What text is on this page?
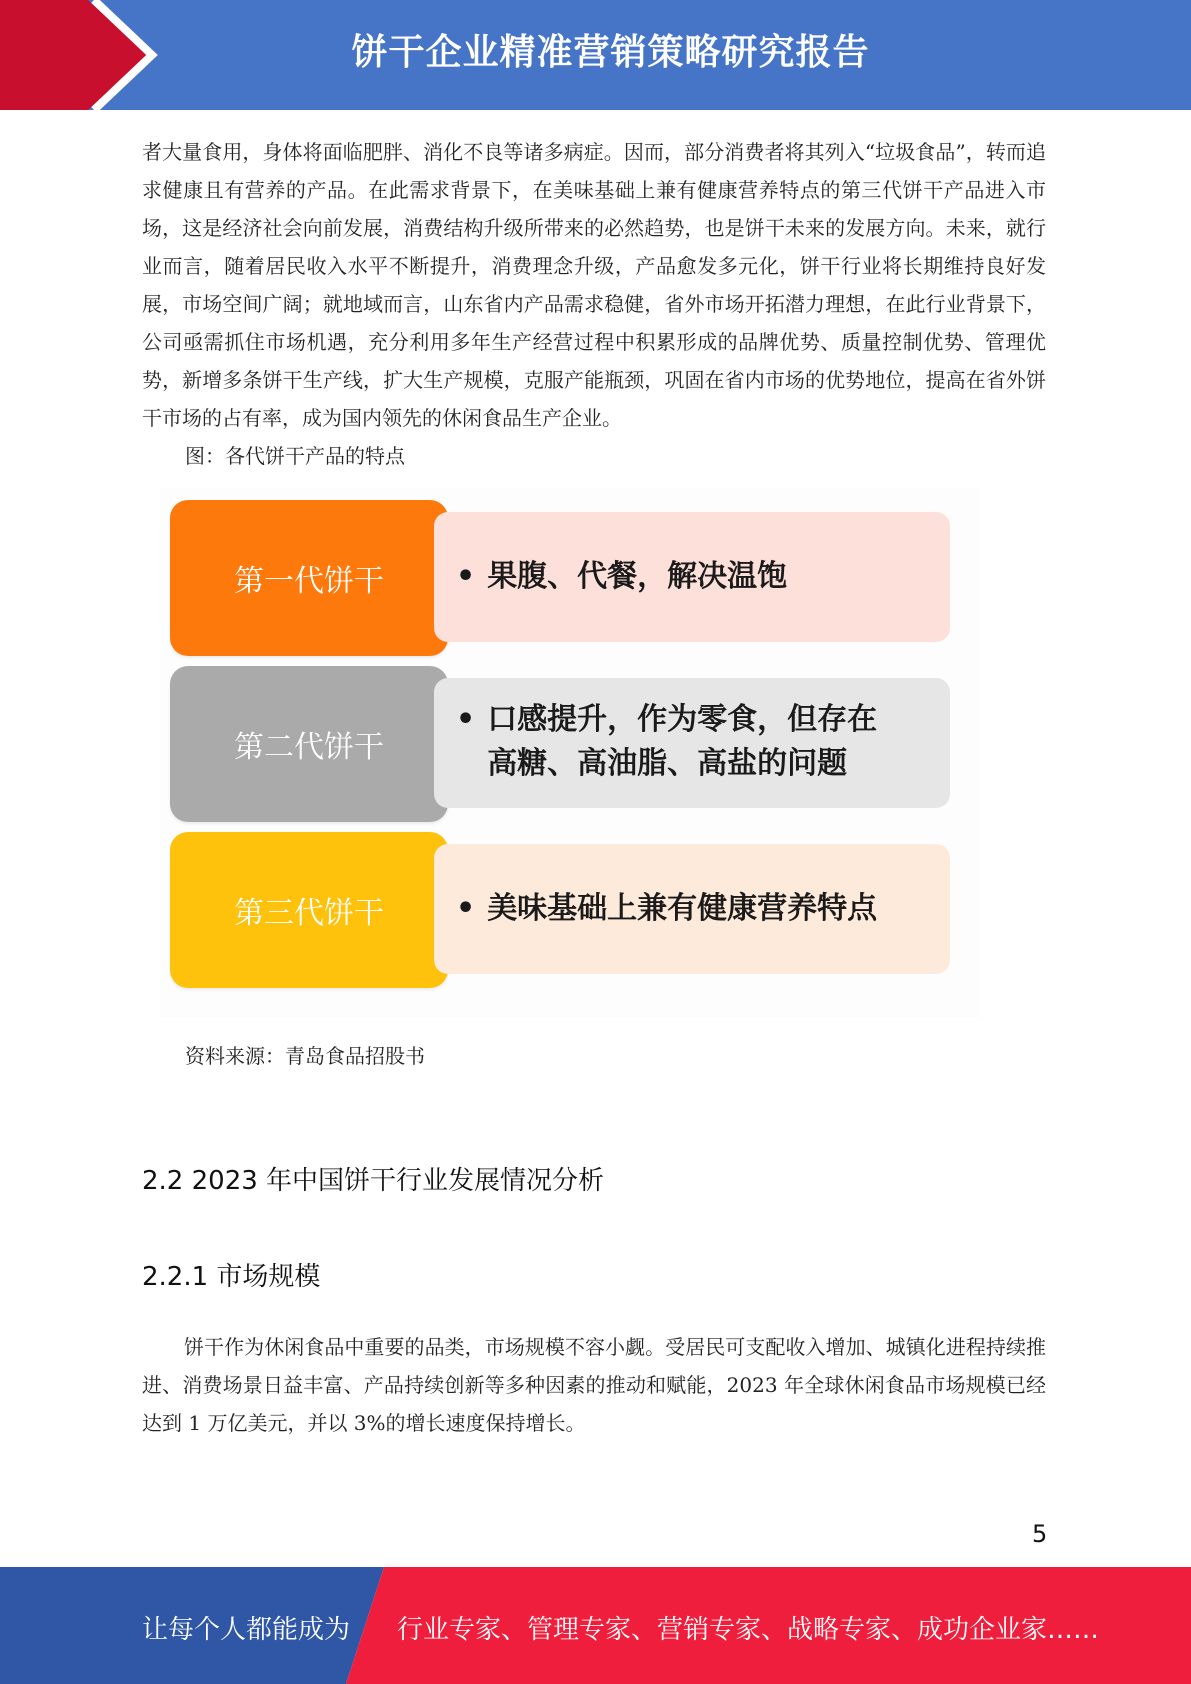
饼干企业精准营销策略研究报告

者大量食用，身体将面临肥胖、消化不良等诸多病症。因而，部分消费者将其列入“垃圾食品”，转而追求健康且有营养的产品。在此需求背景下，在美味基础上兼有健康营养特点的第三代饼干产品进入市场，这是经济社会向前发展，消费结构升级所带来的必然趋势，也是饼干未来的发展方向。未来，就行业而言，随着居民收入水平不断提升，消费理念升级，产品愈发多元化，饼干行业将长期维持良好发展，市场空间广阔；就地域而言，山东省内产品需求稳健，省外市场开拓潜力理想，在此行业背景下，公司亟需抓住市场机遇，充分利用多年生产经营过程中积累形成的品牌优势、质量控制优势、管理优势，新增多条饼干生产线，扩大生产规模，克服产能瓶颈，巩固在省内市场的优势地位，提高在省外饼干市场的占有率，成为国内领先的休闲食品生产企业。

图：各代饼干产品的特点
第一代饼干	• 果腹、代餐，解决温饱
第二代饼干
• 口感提升，作为零食，但存在
高糖、高油脂、高盐的问题
第三代饼干	• 美味基础上兼有健康营养特点
资料来源：青岛食品招股书
2.2 2023 年中国饼干行业发展情况分析
2.2.1 市场规模

饼干作为休闲食品中重要的品类，市场规模不容小觑。受居民可支配收入增加、城镇化进程持续推进、消费场景日益丰富、产品持续创新等多种因素的推动和赋能，2023 年全球休闲食品市场规模已经达到 1 万亿美元，并以 3%的增长速度保持增长。

5
让每个人都能成为 行业专家、管理专家、营销专家、战略专家、成功企业家……
